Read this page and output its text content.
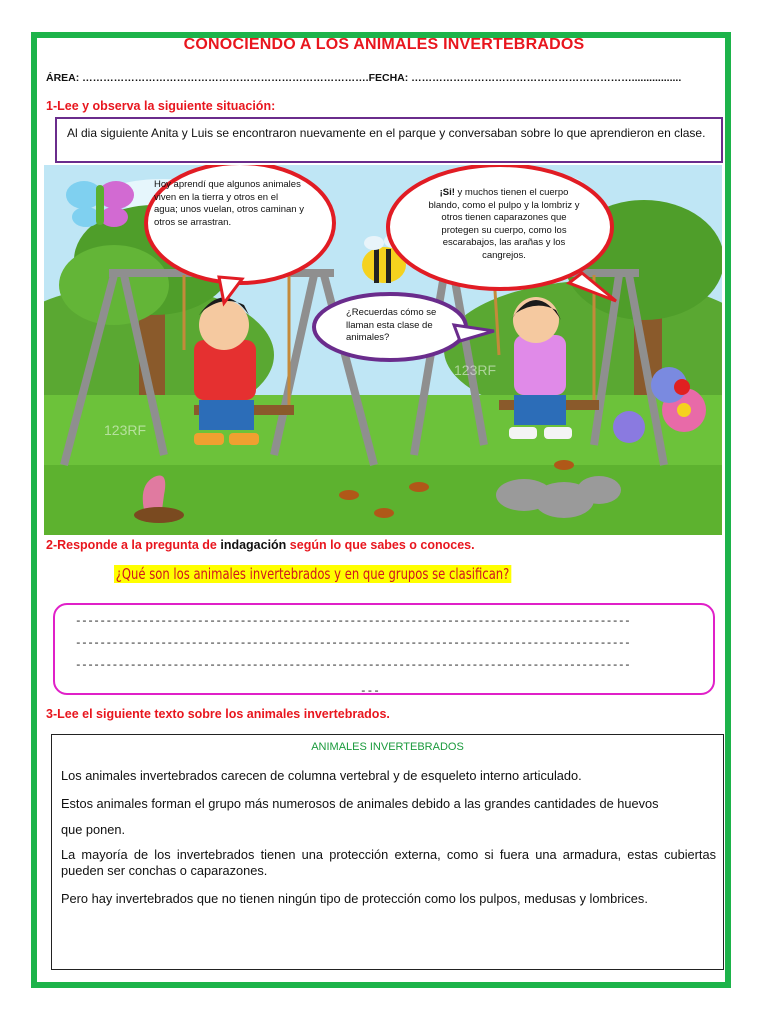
CONOCIENDO A LOS ANIMALES INVERTEBRADOS
ÁREA: ……………………………………………………………………….FECHA: ……………………………………………………….................
1-Lee y observa la siguiente situación:
Al dia siguiente Anita y Luis se encontraron nuevamente en el parque y conversaban sobre lo que aprendieron en clase.
123RF
123RF
Hoy aprendí que algunos animales viven en la tierra y otros en el agua; unos vuelan, otros caminan y otros se arrastran.
¡Si! y muchos tienen el cuerpo blando, como el pulpo y la lombriz y otros tienen caparazones que protegen su cuerpo, como los escarabajos, las arañas y los cangrejos.
¿Recuerdas cómo se llaman esta clase de animales?
2-Responde a la pregunta de indagación según lo que sabes o conoces.
¿Qué son los animales invertebrados y en que grupos se clasifican?
-------------------------------------------------------------------------------------------
-------------------------------------------------------------------------------------------
-------------------------------------------------------------------------------------------
---
3-Lee el siguiente texto sobre los animales invertebrados.
ANIMALES INVERTEBRADOS

Los animales invertebrados carecen de columna vertebral y de esqueleto interno articulado.

Estos animales forman el grupo más numerosos de animales debido a las grandes cantidades de huevos

que ponen.

La mayoría de los invertebrados tienen una protección externa, como si fuera una armadura, estas cubiertas pueden ser conchas o caparazones.

Pero hay invertebrados que no tienen ningún tipo de protección como los pulpos, medusas y lombrices.
